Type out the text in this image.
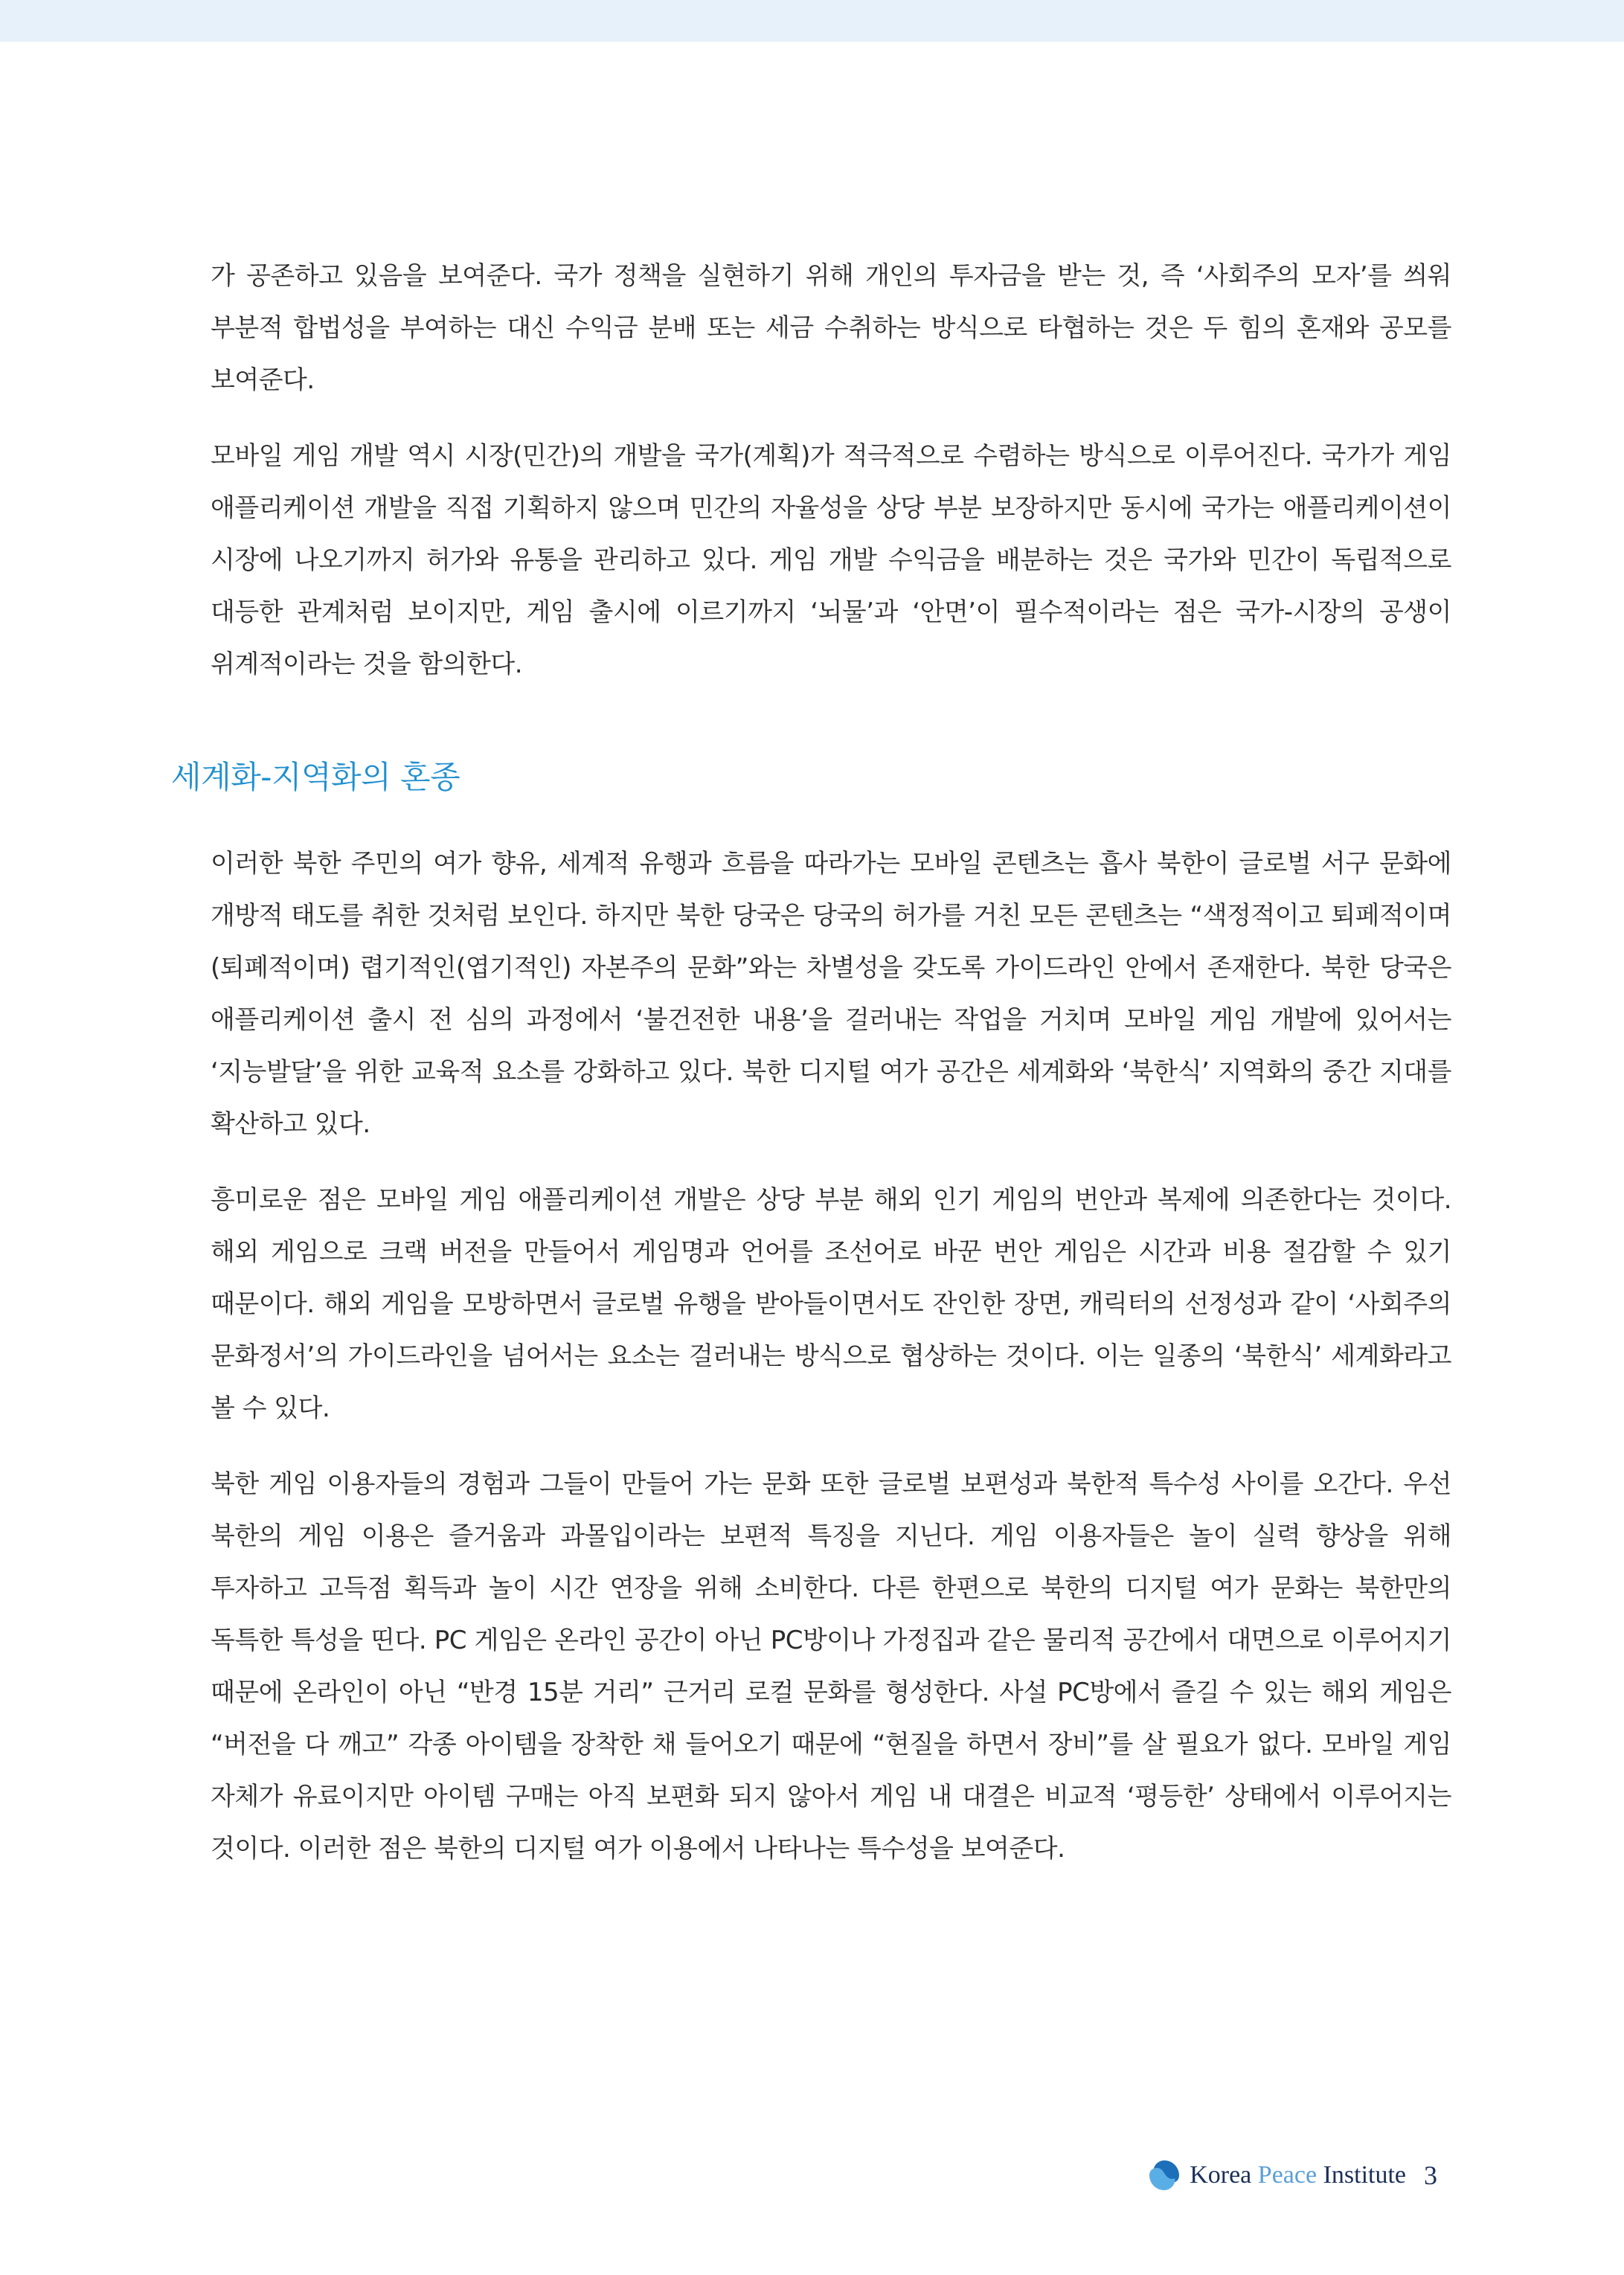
가 공존하고 있음을 보여준다. 국가 정책을 실현하기 위해 개인의 투자금을 받는 것, 즉 ‘사회주의 모자’를 씌워 부분적 합법성을 부여하는 대신 수익금 분배 또는 세금 수취하는 방식으로 타협하는 것은 두 힘의 혼재와 공모를 보여준다.

모바일 게임 개발 역시 시장(민간)의 개발을 국가(계획)가 적극적으로 수렴하는 방식으로 이루어진다. 국가가 게임 애플리케이션 개발을 직접 기획하지 않으며 민간의 자율성을 상당 부분 보장하지만 동시에 국가는 애플리케이션이 시장에 나오기까지 허가와 유통을 관리하고 있다. 게임 개발 수익금을 배분하는 것은 국가와 민간이 독립적으로 대등한 관계처럼 보이지만, 게임 출시에 이르기까지 ‘뇌물’과 ‘안면’이 필수적이라는 점은 국가-시장의 공생이 위계적이라는 것을 함의한다.

세계화-지역화의 혼종

이러한 북한 주민의 여가 향유, 세계적 유행과 흐름을 따라가는 모바일 콘텐츠는 흡사 북한이 글로벌 서구 문화에 개방적 태도를 취한 것처럼 보인다. 하지만 북한 당국은 당국의 허가를 거친 모든 콘텐츠는 “색정적이고 퇴페적이며(퇴폐적이며) 렵기적인(엽기적인) 자본주의 문화”와는 차별성을 갖도록 가이드라인 안에서 존재한다. 북한 당국은 애플리케이션 출시 전 심의 과정에서 ‘불건전한 내용’을 걸러내는 작업을 거치며 모바일 게임 개발에 있어서는 ‘지능발달’을 위한 교육적 요소를 강화하고 있다. 북한 디지털 여가 공간은 세계화와 ‘북한식’ 지역화의 중간 지대를 확산하고 있다.

흥미로운 점은 모바일 게임 애플리케이션 개발은 상당 부분 해외 인기 게임의 번안과 복제에 의존한다는 것이다. 해외 게임으로 크랙 버전을 만들어서 게임명과 언어를 조선어로 바꾼 번안 게임은 시간과 비용 절감할 수 있기 때문이다. 해외 게임을 모방하면서 글로벌 유행을 받아들이면서도 잔인한 장면, 캐릭터의 선정성과 같이 ‘사회주의 문화정서’의 가이드라인을 넘어서는 요소는 걸러내는 방식으로 협상하는 것이다. 이는 일종의 ‘북한식’ 세계화라고 볼 수 있다.

북한 게임 이용자들의 경험과 그들이 만들어 가는 문화 또한 글로벌 보편성과 북한적 특수성 사이를 오간다. 우선 북한의 게임 이용은 즐거움과 과몰입이라는 보편적 특징을 지닌다. 게임 이용자들은 놀이 실력 향상을 위해 투자하고 고득점 획득과 놀이 시간 연장을 위해 소비한다. 다른 한편으로 북한의 디지털 여가 문화는 북한만의 독특한 특성을 띤다. PC 게임은 온라인 공간이 아닌 PC방이나 가정집과 같은 물리적 공간에서 대면으로 이루어지기 때문에 온라인이 아닌 “반경 15분 거리” 근거리 로컬 문화를 형성한다. 사설 PC방에서 즐길 수 있는 해외 게임은 “버전을 다 깨고” 각종 아이템을 장착한 채 들어오기 때문에 “현질을 하면서 장비”를 살 필요가 없다. 모바일 게임 자체가 유료이지만 아이템 구매는 아직 보편화 되지 않아서 게임 내 대결은 비교적 ‘평등한’ 상태에서 이루어지는 것이다. 이러한 점은 북한의 디지털 여가 이용에서 나타나는 특수성을 보여준다.

Korea Peace Institute 3
